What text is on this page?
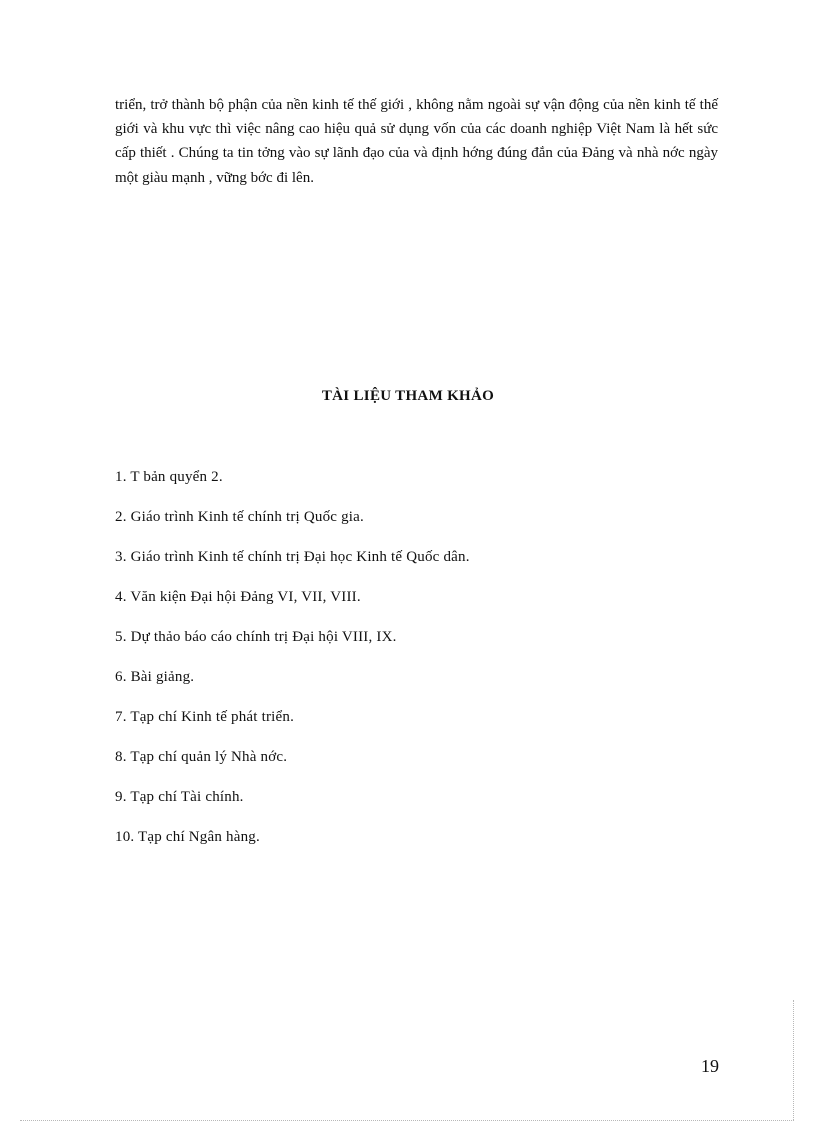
triển, trở thành bộ phận của nền kinh tế thế giới , không nằm ngoài sự vận động của nền kinh tế thế giới và khu vực thì việc nâng cao hiệu quả sử dụng vốn của các doanh nghiệp Việt Nam là hết sức cấp thiết . Chúng ta tin tởng vào sự lãnh đạo của và định hớng đúng đắn của Đảng và nhà nớc ngày một giàu mạnh , vững bớc đi lên.

TÀI LIỆU THAM KHẢO
1. T bản quyển 2.
2. Giáo trình Kinh tế chính trị Quốc gia.
3. Giáo trình Kinh tế chính trị Đại học Kinh tế Quốc dân.
4. Văn kiện Đại hội Đảng VI, VII, VIII.
5. Dự thảo báo cáo chính trị Đại hội VIII, IX.
6. Bài giảng.
7. Tạp chí Kinh tế phát triển.
8. Tạp chí quản lý Nhà nớc.
9. Tạp chí Tài chính.
10. Tạp chí Ngân hàng.
19
